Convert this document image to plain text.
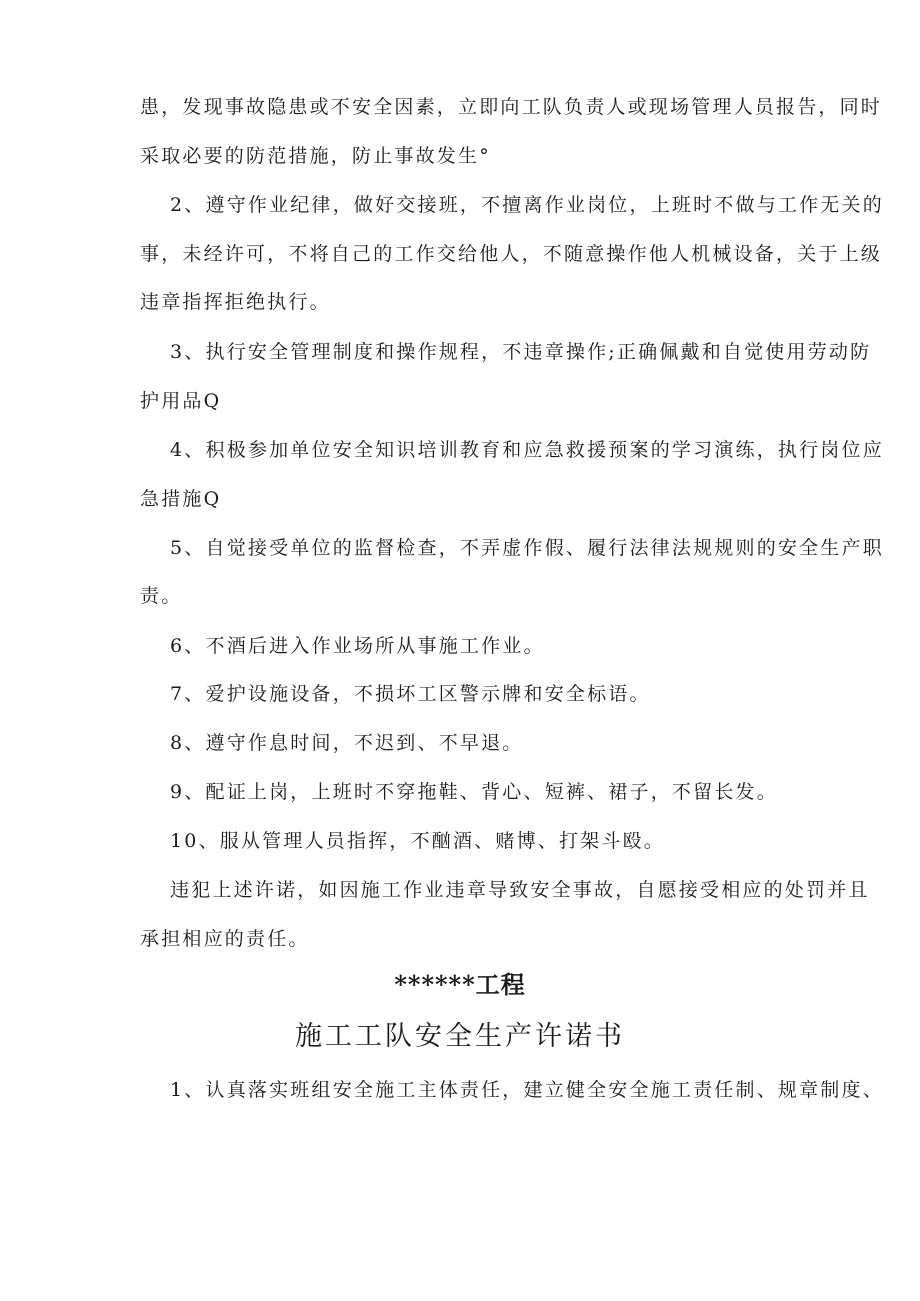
患，发现事故隐患或不安全因素，立即向工队负责人或现场管理人员报告，同时
采取必要的防范措施，防止事故发生°
2、遵守作业纪律，做好交接班，不擅离作业岗位，上班时不做与工作无关的
事，未经许可，不将自己的工作交给他人，不随意操作他人机械设备，关于上级
违章指挥拒绝执行。
3、执行安全管理制度和操作规程，不违章操作;正确佩戴和自觉使用劳动防
护用品Q
4、积极参加单位安全知识培训教育和应急救援预案的学习演练，执行岗位应
急措施Q
5、自觉接受单位的监督检查，不弄虚作假、履行法律法规规则的安全生产职
责。
6、不酒后进入作业场所从事施工作业。
7、爱护设施设备，不损坏工区警示牌和安全标语。
8、遵守作息时间，不迟到、不早退。
9、配证上岗，上班时不穿拖鞋、背心、短裤、裙子，不留长发。
10、服从管理人员指挥，不酗酒、赌博、打架斗殴。
违犯上述许诺，如因施工作业违章导致安全事故，自愿接受相应的处罚并且
承担相应的责任。
******工程
施工工队安全生产许诺书
1、认真落实班组安全施工主体责任，建立健全安全施工责任制、规章制度、
